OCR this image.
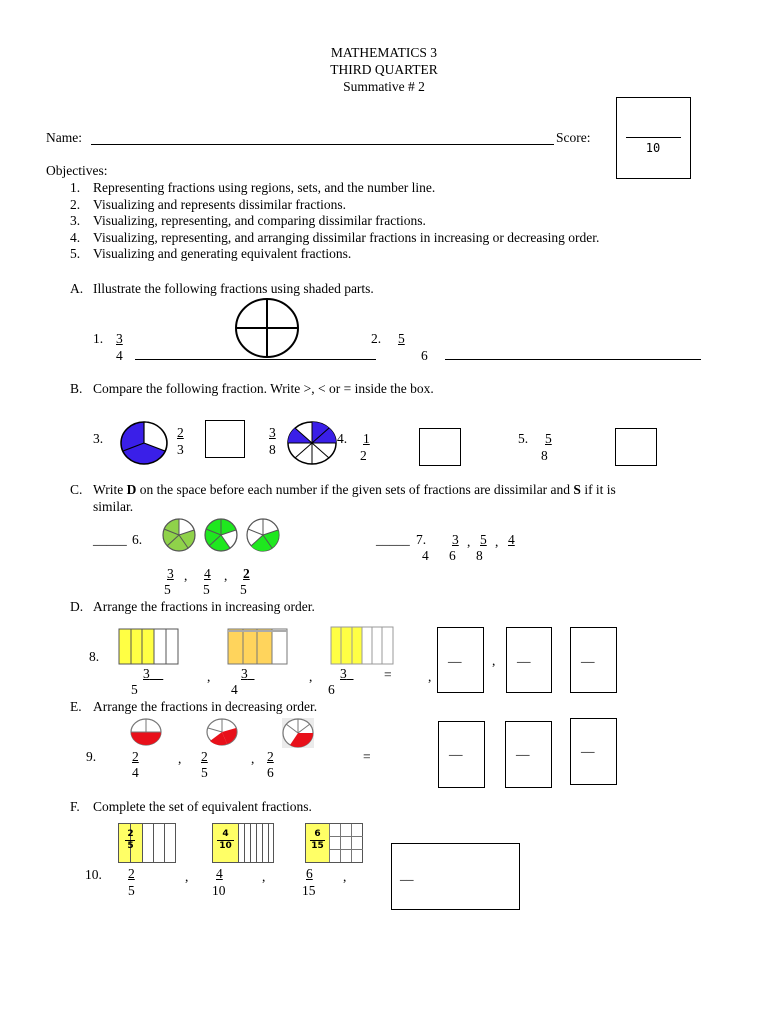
MATHEMATICS 3
THIRD QUARTER
Summative # 2
Name:	Score:
10
Objectives:
1. Representing fractions using regions, sets, and the number line.
2. Visualizing and represents dissimilar fractions.
3. Visualizing, representing, and comparing dissimilar fractions.
4. Visualizing, representing, and arranging dissimilar fractions in increasing or decreasing order.
5. Visualizing and generating equivalent fractions.
A. Illustrate the following fractions using shaded parts.
1. 3
4
2. 5
6
B. Compare the following fraction. Write >, < or = inside the box.
3.	2
3
3
8
4. 1
2
5. 5
8
C. Write D on the space before each number if the given sets of fractions are dissimilar and S if it is
similar.
_____ 6.
3
5
, 4
5
, 2
5
_____ 7. 3
4
, 5
6
, 4
8
D. Arrange the fractions in increasing order.
8.
3
5
, 3
4
, 3
6
=	,
__ , __	__
E. Arrange the fractions in decreasing order.
9.	2
4
, 2
5
, 2
6
=	__	__	__
F. Complete the set of equivalent fractions.
2
5
4
10
6
15
10. 2
5
, 4
10
,	6
15
,	__
